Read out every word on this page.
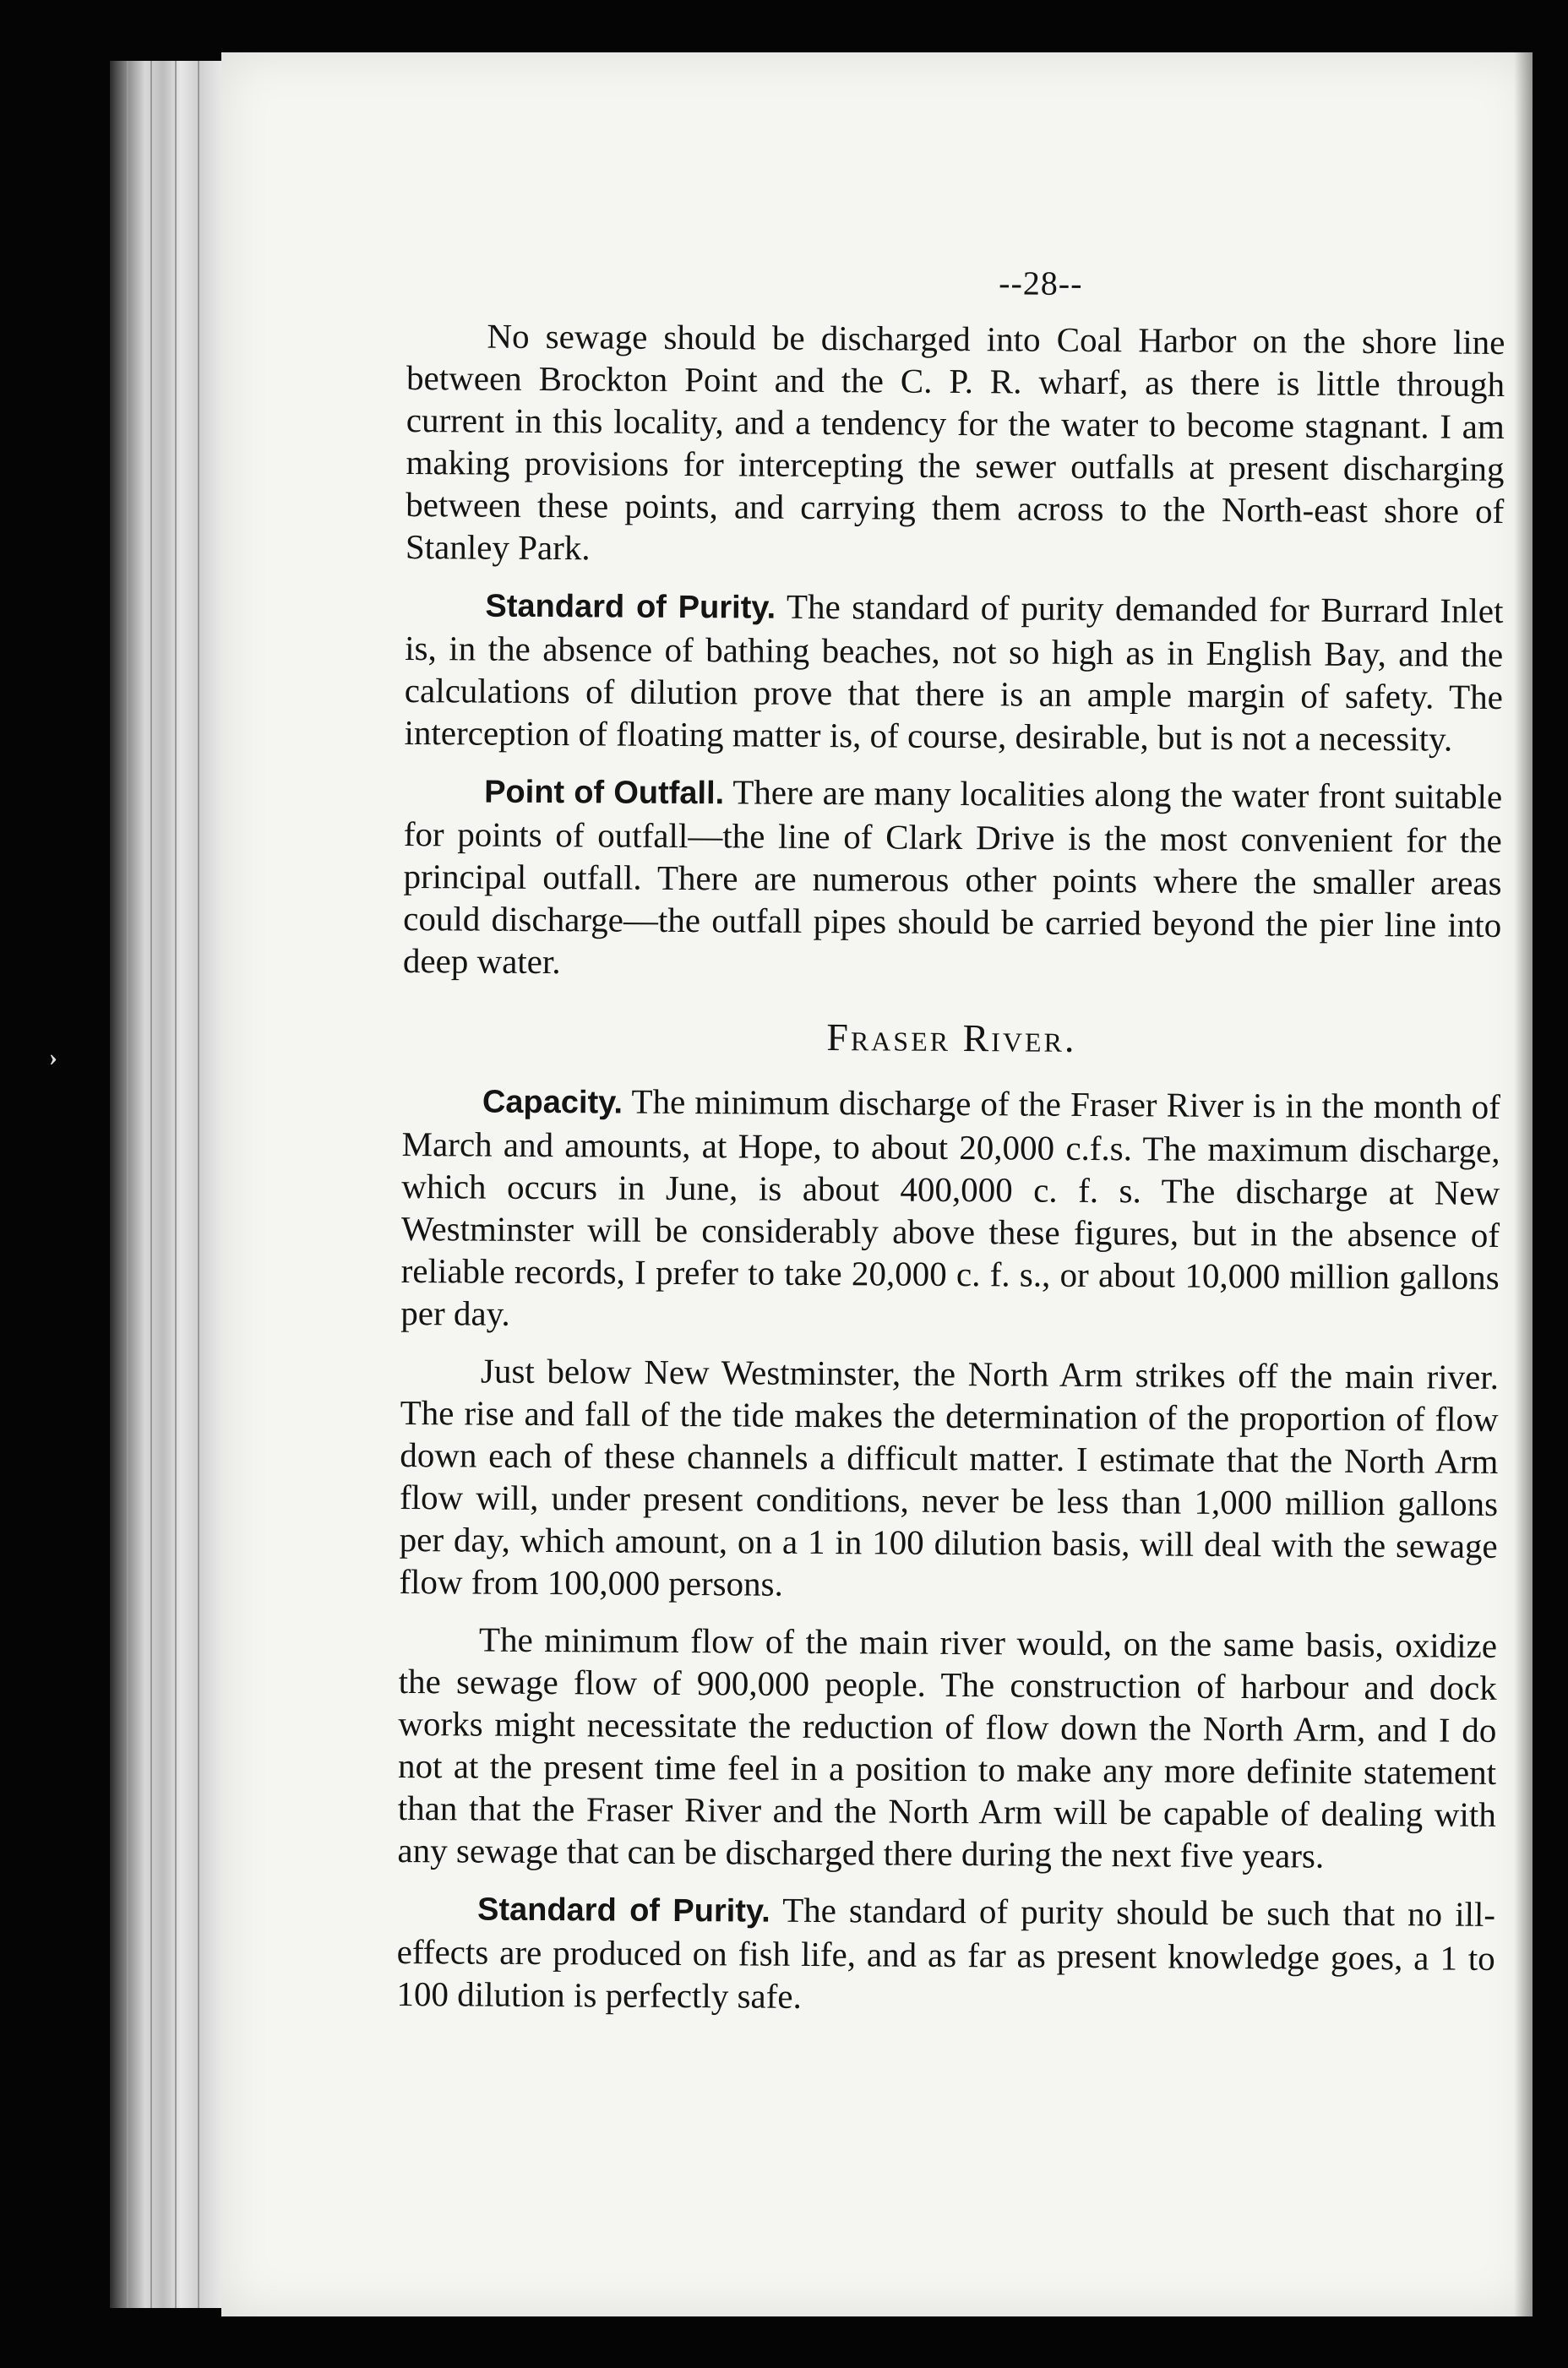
›
--28--

No sewage should be discharged into Coal Harbor on the shore line between Brockton Point and the C. P. R. wharf, as there is little through current in this locality, and a tendency for the water to become stagnant. I am making provisions for intercepting the sewer outfalls at present discharging between these points, and carrying them across to the North-east shore of Stanley Park.

Standard of Purity. The standard of purity demanded for Burrard Inlet is, in the absence of bathing beaches, not so high as in English Bay, and the calculations of dilution prove that there is an ample margin of safety. The interception of floating matter is, of course, desirable, but is not a necessity.

Point of Outfall. There are many localities along the water front suitable for points of outfall—the line of Clark Drive is the most convenient for the principal outfall. There are numerous other points where the smaller areas could discharge—the outfall pipes should be carried beyond the pier line into deep water.

Fraser River.

Capacity. The minimum discharge of the Fraser River is in the month of March and amounts, at Hope, to about 20,000 c.f.s. The maximum discharge, which occurs in June, is about 400,000 c. f. s. The discharge at New Westminster will be considerably above these figures, but in the absence of reliable records, I prefer to take 20,000 c. f. s., or about 10,000 million gallons per day.

Just below New Westminster, the North Arm strikes off the main river. The rise and fall of the tide makes the determination of the proportion of flow down each of these channels a difficult matter. I estimate that the North Arm flow will, under present conditions, never be less than 1,000 million gallons per day, which amount, on a 1 in 100 dilution basis, will deal with the sewage flow from 100,000 persons.

The minimum flow of the main river would, on the same basis, oxidize the sewage flow of 900,000 people. The construction of harbour and dock works might necessitate the reduction of flow down the North Arm, and I do not at the present time feel in a position to make any more definite statement than that the Fraser River and the North Arm will be capable of dealing with any sewage that can be discharged there during the next five years.

Standard of Purity. The standard of purity should be such that no ill-effects are produced on fish life, and as far as present knowledge goes, a 1 to 100 dilution is perfectly safe.
